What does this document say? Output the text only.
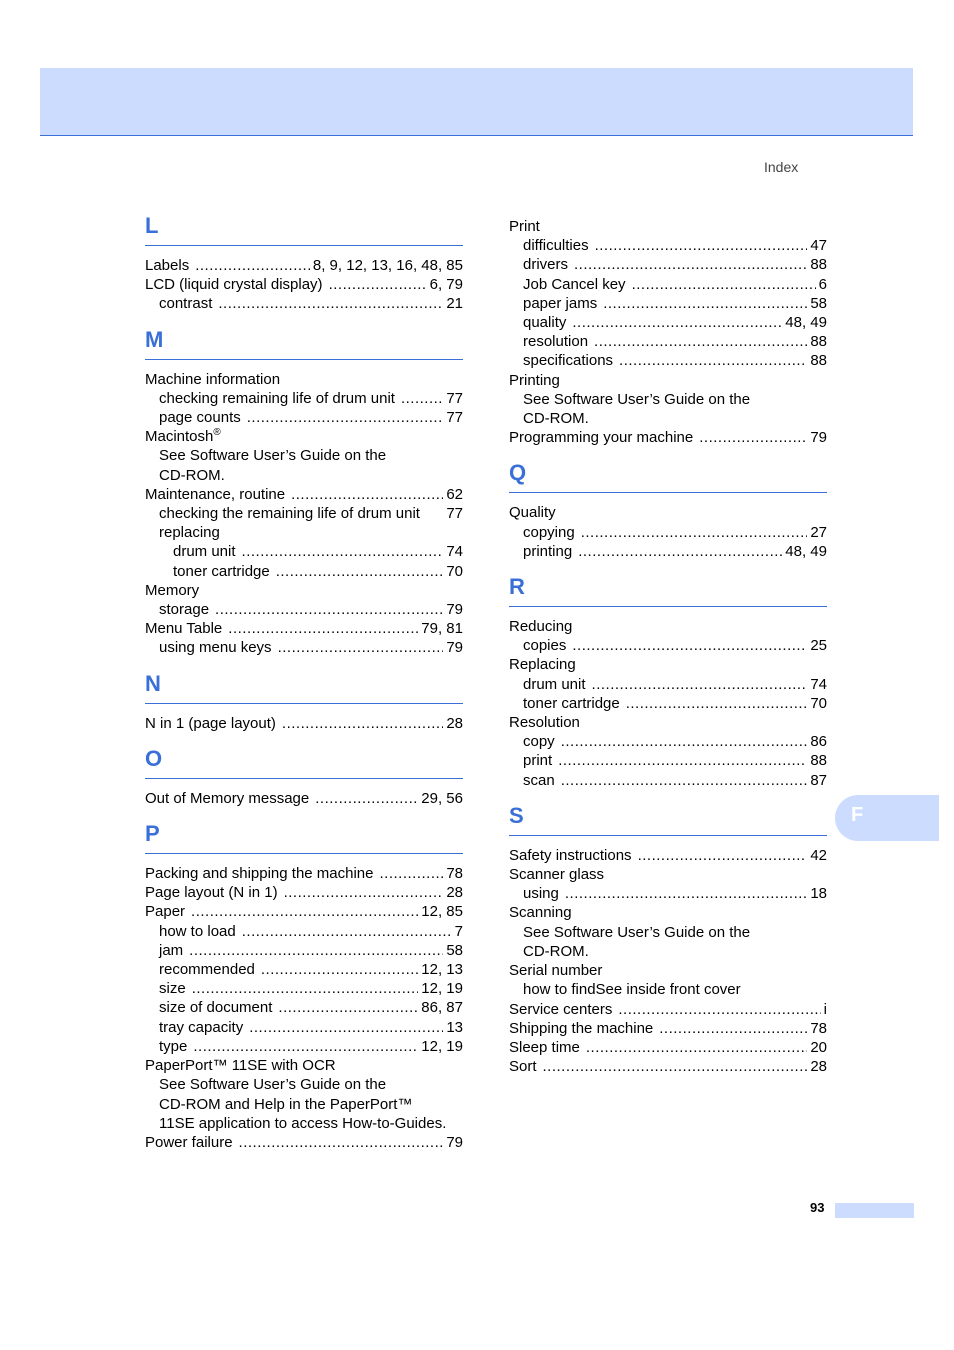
Index
L
Labels .....	8, 9, 12, 13, 16, 48, 85
LCD (liquid crystal display) .....	6, 79
contrast .....	21
M
Machine information
checking remaining life of drum unit .....	77
page counts .....	77
Macintosh®
See Software User’s Guide on the
CD-ROM.
Maintenance, routine .....	62
checking the remaining life of drum unit 77
replacing
drum unit .....	74
toner cartridge .....	70
Memory
storage .....	79
Menu Table .....	79, 81
using menu keys .....	79
N
N in 1 (page layout) .....	28
O
Out of Memory message .....	29, 56
P
Packing and shipping the machine .....	78
Page layout (N in 1) .....	28
Paper .....	12, 85
how to load .....	7
jam .....	58
recommended .....	12, 13
size .....	12, 19
size of document .....	86, 87
tray capacity .....	13
type .....	12, 19
PaperPort™ 11SE with OCR
See Software User’s Guide on the
CD-ROM and Help in the PaperPort™
11SE application to access How-to-Guides.
Power failure .....	79
Print
difficulties .....	47
drivers .....	88
Job Cancel key .....	6
paper jams .....	58
quality .....	48, 49
resolution .....	88
specifications .....	88
Printing
See Software User’s Guide on the
CD-ROM.
Programming your machine .....	79
Q
Quality
copying .....	27
printing .....	48, 49
R
Reducing
copies .....	25
Replacing
drum unit .....	74
toner cartridge .....	70
Resolution
copy .....	86
print .....	88
scan .....	87
S
Safety instructions .....	42
Scanner glass
using .....	18
Scanning
See Software User’s Guide on the
CD-ROM.
Serial number
how to findSee inside front cover
Service centers .....	i
Shipping the machine .....	78
Sleep time .....	20
Sort .....	28
F
93
